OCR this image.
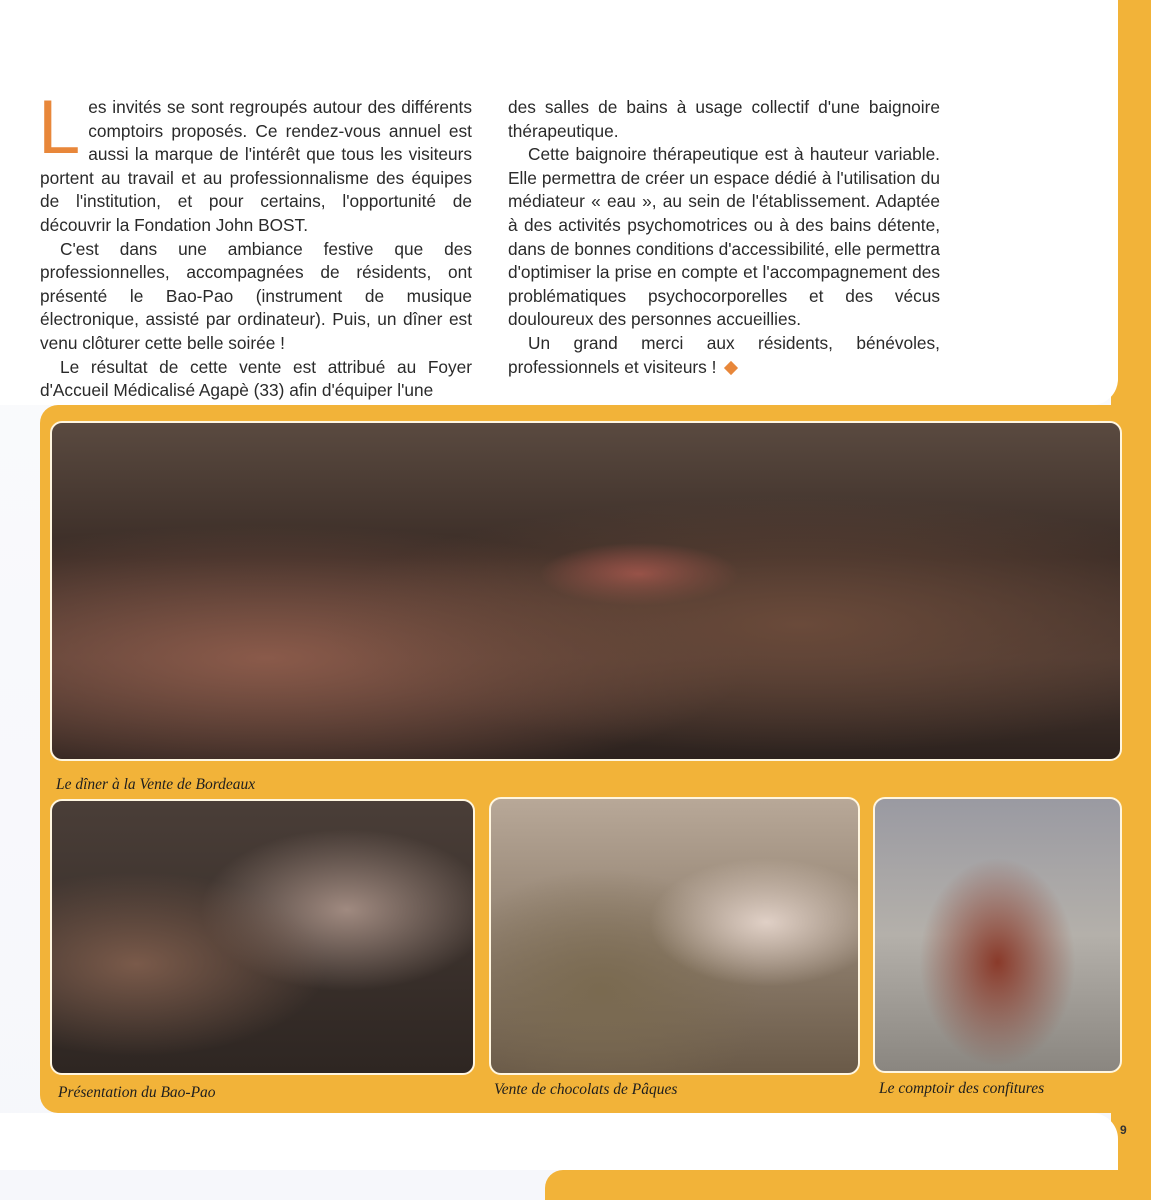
Les invités se sont regroupés autour des différents comptoirs proposés. Ce rendez-vous annuel est aussi la marque de l'intérêt que tous les visiteurs portent au travail et au professionnalisme des équipes de l'institution, et pour certains, l'opportunité de découvrir la Fondation John BOST.

C'est dans une ambiance festive que des professionnelles, accompagnées de résidents, ont présenté le Bao-Pao (instrument de musique électronique, assisté par ordinateur). Puis, un dîner est venu clôturer cette belle soirée !

Le résultat de cette vente est attribué au Foyer d'Accueil Médicalisé Agapè (33) afin d'équiper l'une

des salles de bains à usage collectif d'une baignoire thérapeutique.

Cette baignoire thérapeutique est à hauteur variable. Elle permettra de créer un espace dédié à l'utilisation du médiateur « eau », au sein de l'établissement. Adaptée à des activités psychomotrices ou à des bains détente, dans de bonnes conditions d'accessibilité, elle permettra d'optimiser la prise en compte et l'accompagnement des problématiques psychocorporelles et des vécus douloureux des personnes accueillies.

Un grand merci aux résidents, bénévoles, professionnels et visiteurs !

Le dîner à la Vente de Bordeaux
Présentation du Bao-Pao	Vente de chocolats de Pâques	Le comptoir des confitures
9
